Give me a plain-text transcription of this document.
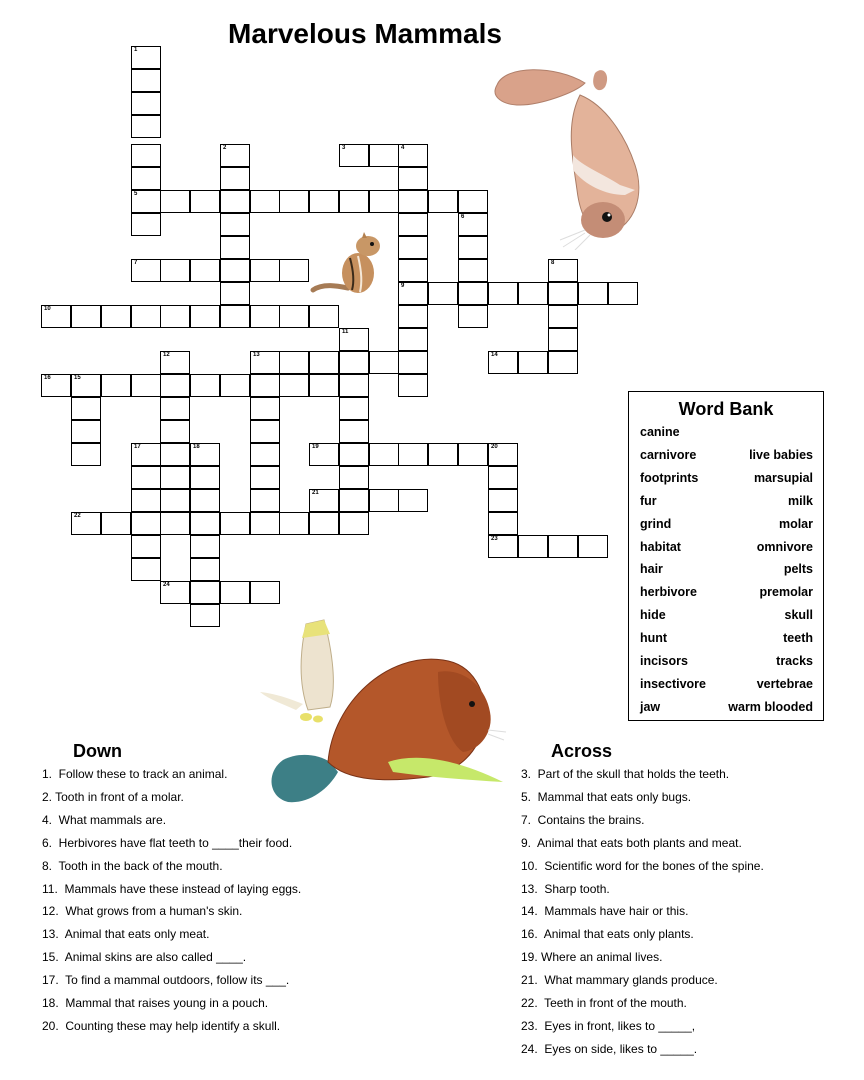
Marvelous Mammals
1
5
2	3	4
9
6
7	8
10
11
12	13	14
15
16
17	18	19	20
21
22
23
24
Word Bank
canine
carnivore	live babies
footprints	marsupial
fur	milk
grind	molar
habitat	omnivore
hair	pelts
herbivore	premolar
hide	skull
hunt	teeth
incisors	tracks
insectivore	vertebrae
jaw	warm blooded
Down	Across
1.  Follow these to track an animal.
2. Tooth in front of a molar.
4.  What mammals are.
6.  Herbivores have flat teeth to ____their food.
8.  Tooth in the back of the mouth.
11.  Mammals have these instead of laying eggs.
12.  What grows from a human's skin.
13.  Animal that eats only meat.
15.  Animal skins are also called ____.
17.  To find a mammal outdoors, follow its ___.
18.  Mammal that raises young in a pouch.
20.  Counting these may help identify a skull.
3.  Part of the skull that holds the teeth.
5.  Mammal that eats only bugs.
7.  Contains the brains.
9.  Animal that eats both plants and meat.
10.  Scientific word for the bones of the spine.
13.  Sharp tooth.
14.  Mammals have hair or this.
16.  Animal that eats only plants.
19. Where an animal lives.
21.  What mammary glands produce.
22.  Teeth in front of the mouth.
23.  Eyes in front, likes to _____,
24.  Eyes on side, likes to _____.
